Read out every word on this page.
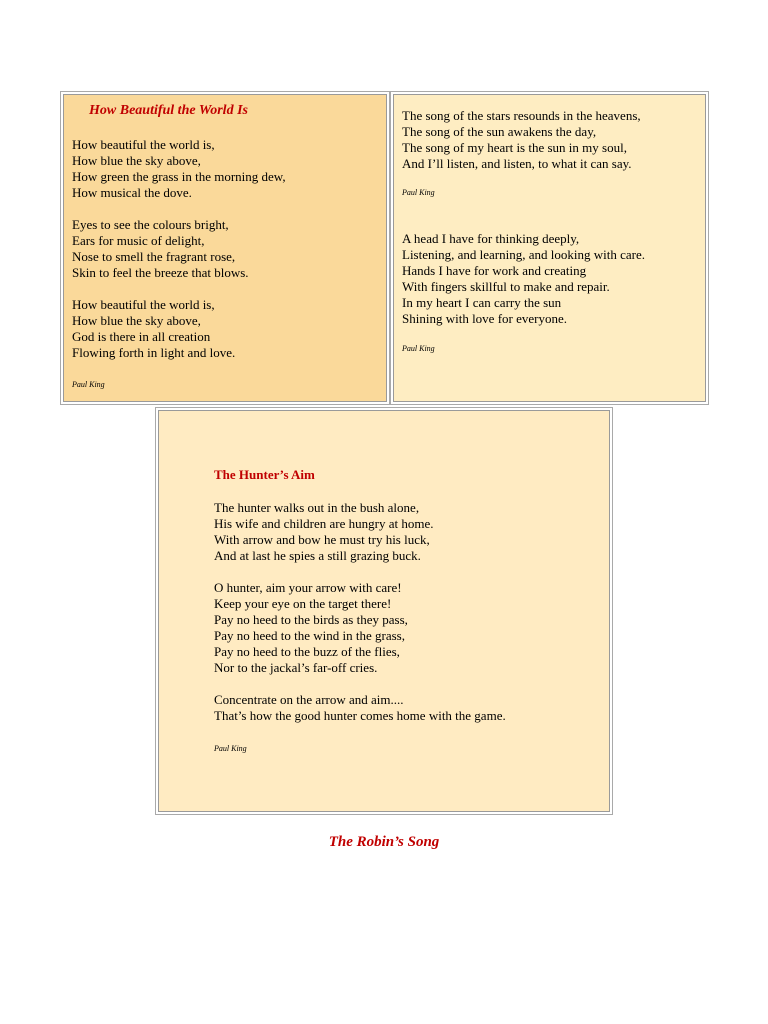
How Beautiful the World Is

How beautiful the world is,

How blue the sky above,

How green the grass in the morning dew,

How musical the dove.

Eyes to see the colours bright,

Ears for music of delight,

Nose to smell the fragrant rose,

Skin to feel the breeze that blows.

How beautiful the world is,

How blue the sky above,

God is there in all creation

Flowing forth in light and love.

Paul King

The song of the stars resounds in the heavens,

The song of the sun awakens the day,

The song of my heart is the sun in my soul,

And I’ll listen, and listen, to what it can say.

Paul King

A head I have for thinking deeply,

Listening, and learning, and looking with care.

Hands I have for work and creating

With fingers skillful to make and repair.

In my heart I can carry the sun

Shining with love for everyone.

Paul King

The Hunter’s Aim

The hunter walks out in the bush alone,

His wife and children are hungry at home.

With arrow and bow he must try his luck,

And at last he spies a still grazing buck.

O hunter, aim your arrow with care!

Keep your eye on the target there!

Pay no heed to the birds as they pass,

Pay no heed to the wind in the grass,

Pay no heed to the buzz of the flies,

Nor to the jackal’s far-off cries.

Concentrate on the arrow and aim....

That’s how the good hunter comes home with the game.

Paul King

The Robin’s Song
